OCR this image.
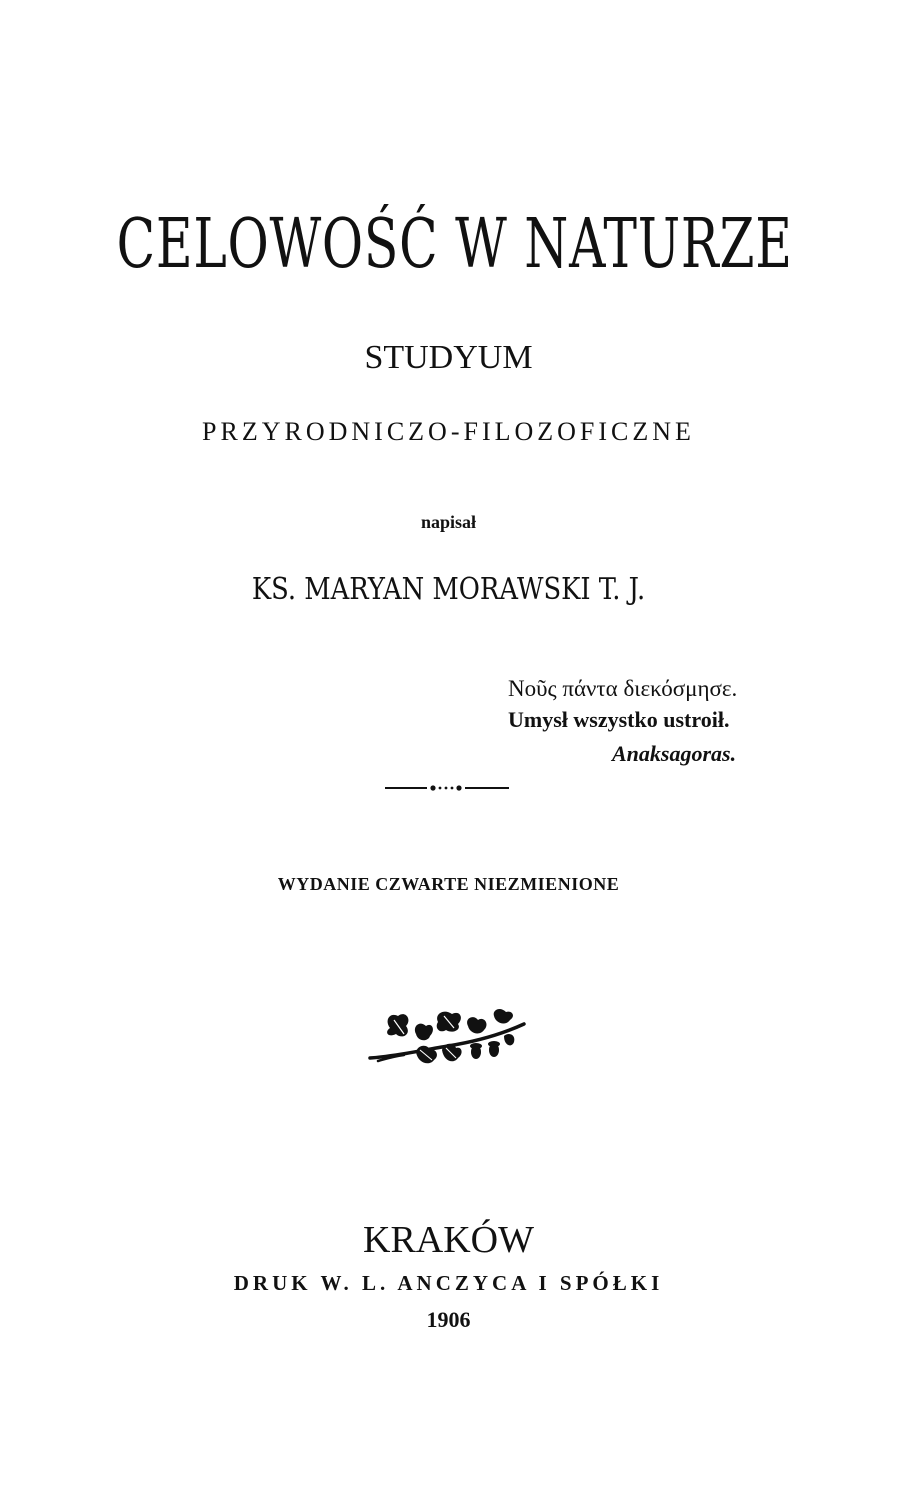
CELOWOŚĆ W NATURZE
STUDYUM
PRZYRODNICZO-FILOZOFICZNE
napisał
KS. MARYAN MORAWSKI T. J.
Νοῦς πάντα διεκόσμησε.
Umysł wszystko ustroił.
Anaksagoras.
WYDANIE CZWARTE NIEZMIENIONE
KRAKÓW
DRUK W. L. ANCZYCA I SPÓŁKI
1906
